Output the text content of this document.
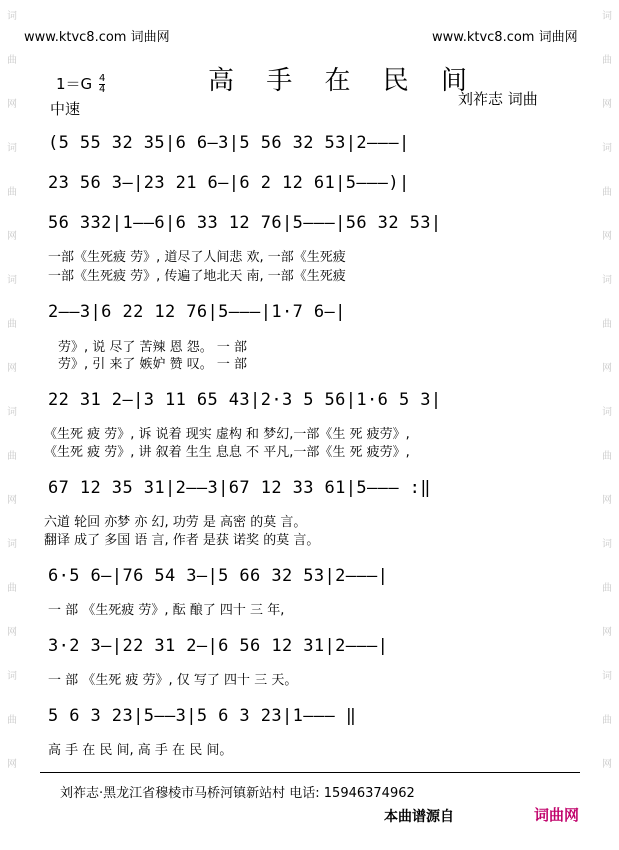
词
曲
网
词
曲
网
词
曲
网
词
曲
网
词
曲
网
词
曲
网
词
曲
网
词
曲
网
词
曲
网
词
曲
网
词
曲
网
词
曲
网
www.ktvc8.com 词曲网	www.ktvc8.com 词曲网
高 手 在 民 间
$1=G \frac{4}{4}$
中速
刘祚志 词曲
(5 55 32 35|6 6—3|5 56 32 53|2———|
23 56 3—|23 21 6—|6 2 12 61|5———)|
56 332|1——6|6 33 12 76|5———|56 32 53|
一部《生死疲 劳》, 道尽了人间悲 欢, 一部《生死疲
一部《生死疲 劳》, 传遍了地北天 南, 一部《生死疲
2——3|6 22 12 76|5———|1·7 6—|
劳》, 说 尽了 苦辣 恩 怨。 一 部
劳》, 引 来了 嫉妒 赞 叹。 一 部
22 31 2—|3 11 65 43|2·3 5 56|1·6 5 3|
《生死 疲 劳》, 诉 说着 现实 虚构 和 梦幻,一部《生 死 疲劳》,
《生死 疲 劳》, 讲 叙着 生生 息息 不 平凡,一部《生 死 疲劳》,
67 12 35 31|2——3|67 12 33 61|5——— :‖
六道 轮回 亦梦 亦 幻, 功劳 是 高密 的莫 言。
翻译 成了 多国 语 言, 作者 是获 诺奖 的莫 言。
6·5 6—|76 54 3—|5 66 32 53|2———|
一 部 《生死疲 劳》, 酝 酿了 四十 三 年,
3·2 3—|22 31 2—|6 56 12 31|2———|
一 部 《生死 疲 劳》, 仅 写了 四十 三 天。
5 6 3 23|5——3|5 6 3 23|1——— ‖
高 手 在 民 间, 高 手 在 民 间。
刘祚志·黑龙江省穆棱市马桥河镇新站村 电话: 15946374962
本曲谱源自	词曲网
